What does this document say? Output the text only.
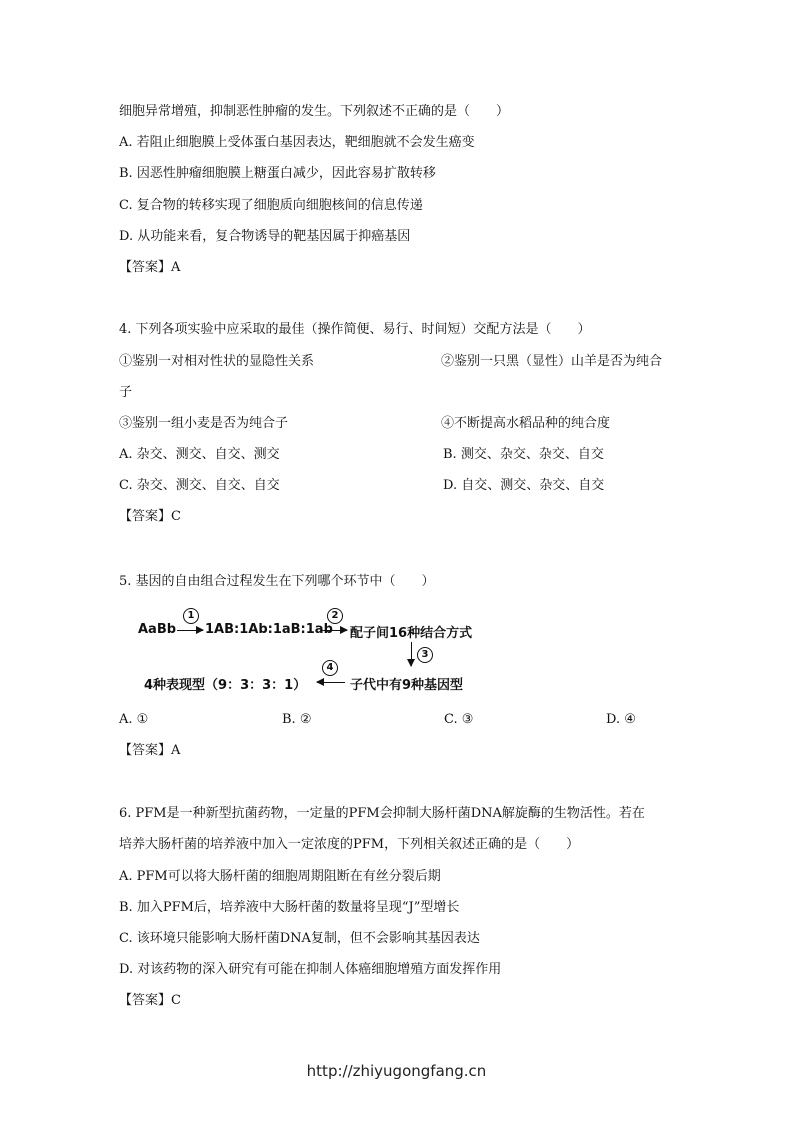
细胞异常增殖，抑制恶性肿瘤的发生。下列叙述不正确的是（　　）
A. 若阻止细胞膜上受体蛋白基因表达，靶细胞就不会发生癌变
B. 因恶性肿瘤细胞膜上糖蛋白减少，因此容易扩散转移
C. 复合物的转移实现了细胞质向细胞核间的信息传递
D. 从功能来看，复合物诱导的靶基因属于抑癌基因
【答案】A
4. 下列各项实验中应采取的最佳（操作简便、易行、时间短）交配方法是（　　）
①鉴别一对相对性状的显隐性关系	②鉴别一只黑（显性）山羊是否为纯合
子
③鉴别一组小麦是否为纯合子	④不断提高水稻品种的纯合度
A. 杂交、测交、自交、测交	B. 测交、杂交、杂交、自交
C. 杂交、测交、自交、自交	D. 自交、测交、杂交、自交
【答案】C
5. 基因的自由组合过程发生在下列哪个环节中（　　）
AaBb
1
1AB:1Ab:1aB:1ab
2
配子间16种结合方式
3
子代中有9种基因型
4
4种表现型（9：3：3：1）
A. ①	B. ②	C. ③	D. ④
【答案】A
6. PFM是一种新型抗菌药物，一定量的PFM会抑制大肠杆菌DNA解旋酶的生物活性。若在
培养大肠杆菌的培养液中加入一定浓度的PFM，下列相关叙述正确的是（　　）
A. PFM可以将大肠杆菌的细胞周期阻断在有丝分裂后期
B. 加入PFM后，培养液中大肠杆菌的数量将呈现“J”型增长
C. 该环境只能影响大肠杆菌DNA复制，但不会影响其基因表达
D. 对该药物的深入研究有可能在抑制人体癌细胞增殖方面发挥作用
【答案】C
http://zhiyugongfang.cn
